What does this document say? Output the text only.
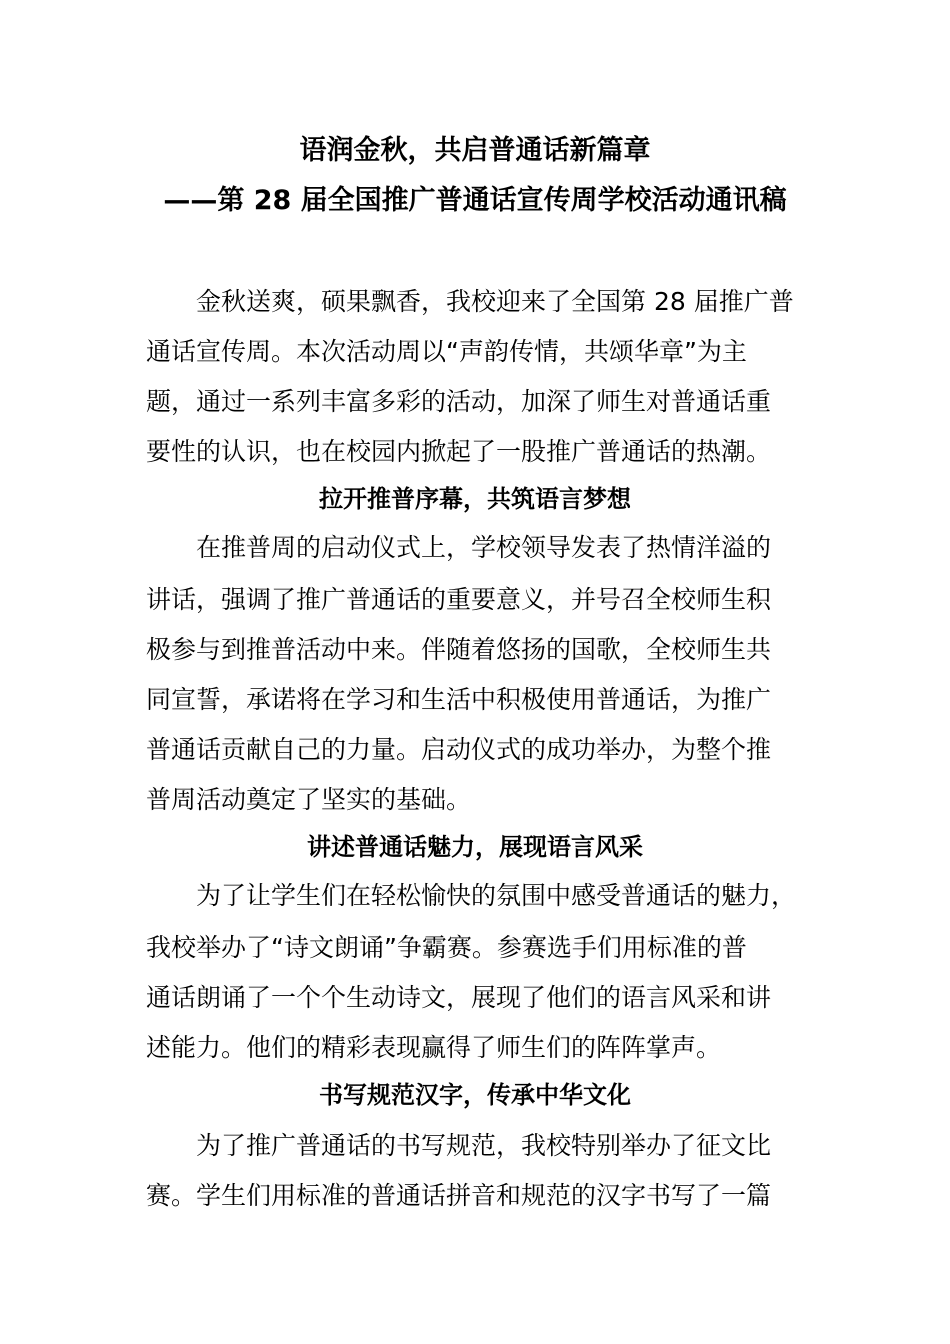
语润金秋，共启普通话新篇章
——第 28 届全国推广普通话宣传周学校活动通讯稿
金秋送爽，硕果飘香，我校迎来了全国第 28 届推广普
通话宣传周。本次活动周以“声韵传情，共颂华章”为主
题，通过一系列丰富多彩的活动，加深了师生对普通话重
要性的认识，也在校园内掀起了一股推广普通话的热潮。
拉开推普序幕，共筑语言梦想
在推普周的启动仪式上，学校领导发表了热情洋溢的
讲话，强调了推广普通话的重要意义，并号召全校师生积
极参与到推普活动中来。伴随着悠扬的国歌，全校师生共
同宣誓，承诺将在学习和生活中积极使用普通话，为推广
普通话贡献自己的力量。启动仪式的成功举办，为整个推
普周活动奠定了坚实的基础。
讲述普通话魅力，展现语言风采
为了让学生们在轻松愉快的氛围中感受普通话的魅力，
我校举办了“诗文朗诵”争霸赛。参赛选手们用标准的普
通话朗诵了一个个生动诗文，展现了他们的语言风采和讲
述能力。他们的精彩表现赢得了师生们的阵阵掌声。
书写规范汉字，传承中华文化
为了推广普通话的书写规范，我校特别举办了征文比
赛。学生们用标准的普通话拼音和规范的汉字书写了一篇
